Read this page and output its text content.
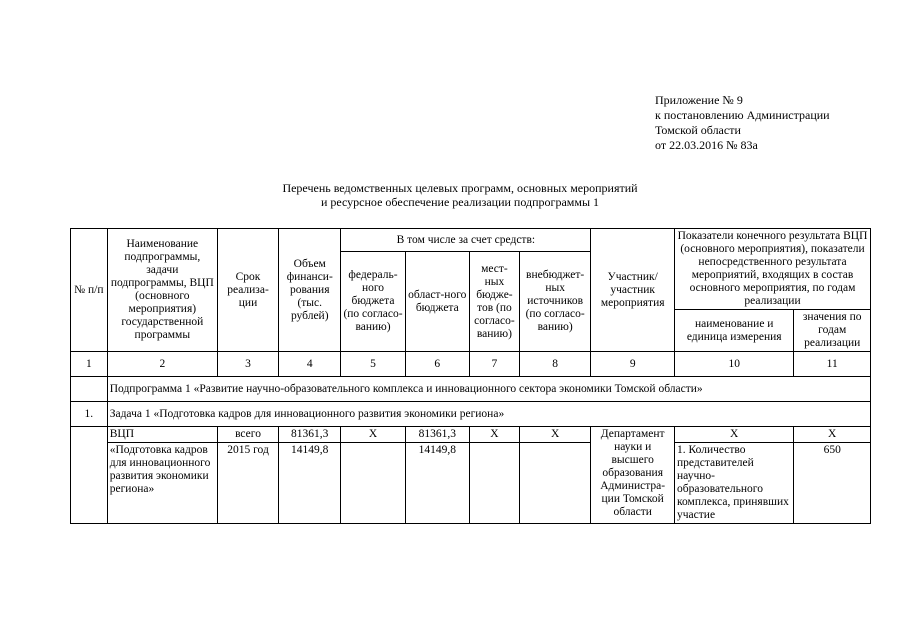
Приложение № 9
к постановлению Администрации
Томской области
от 22.03.2016 № 83а
Перечень ведомственных целевых программ, основных мероприятий
и ресурсное обеспечение реализации подпрограммы 1
№ п/п	Наименование подпрограммы, задачи подпрограммы, ВЦП (основного мероприятия) государственной программы	Срок реализа-ции	Объем финанси-рования (тыс. рублей)	В том числе за счет средств:				Участник/ участник мероприятия	Показатели конечного результата ВЦП (основного мероприятия), показатели непосредственного результата мероприятий, входящих в состав основного мероприятия, по годам реализации	
				федераль-ного бюджета (по согласо-ванию)	област-ного бюджета	мест-ных бюдже-тов (по согласо-ванию)	внебюджет-ных источников (по согласо-ванию)			
									наименование и единица измерения	значения по годам реализации
1	2	3	4	5	6	7	8	9	10	11
	Подпрограмма 1 «Развитие научно-образовательного комплекса и инновационного сектора экономики Томской области»									
1.	Задача 1 «Подготовка кадров для инновационного развития экономики региона»									
	ВЦП	всего	81361,3	Х	81361,3	Х	Х	Департамент науки и высшего образования Администра-ции Томской области	Х	Х
	«Подготовка кадров для инновационного развития экономики региона»	2015 год	14149,8		14149,8				1. Количество представителей научно-образовательного комплекса, принявших участие	650
